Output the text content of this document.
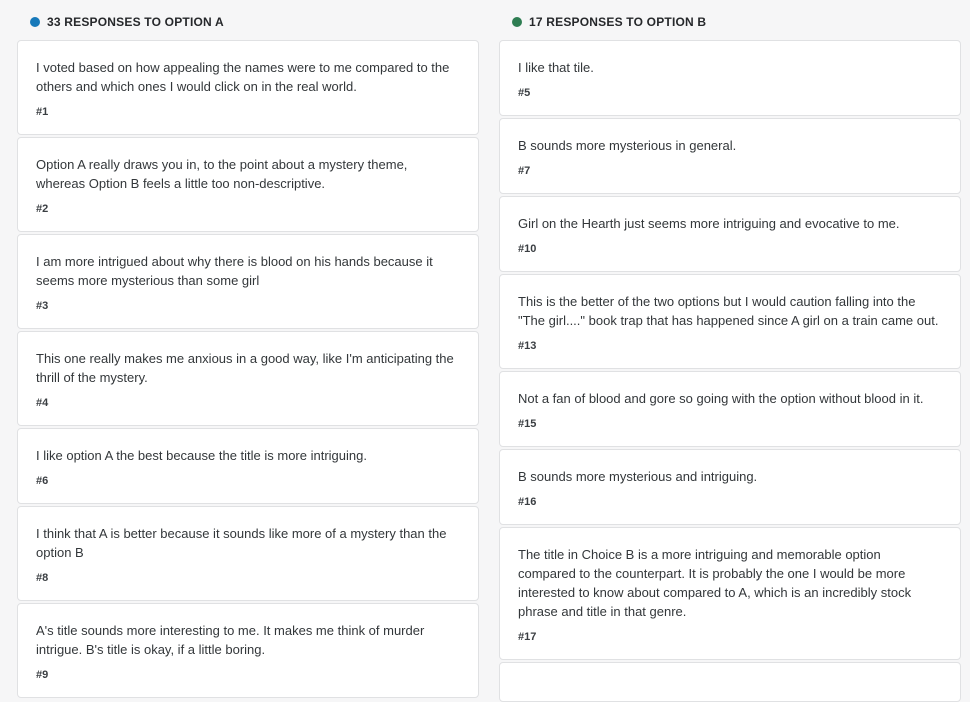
33 RESPONSES TO OPTION A
I voted based on how appealing the names were to me compared to the others and which ones I would click on in the real world.
#1
Option A really draws you in, to the point about a mystery theme, whereas Option B feels a little too non-descriptive.
#2
I am more intrigued about why there is blood on his hands because it seems more mysterious than some girl
#3
This one really makes me anxious in a good way, like I'm anticipating the thrill of the mystery.
#4
I like option A the best because the title is more intriguing.
#6
I think that A is better because it sounds like more of a mystery than the option B
#8
A's title sounds more interesting to me. It makes me think of murder intrigue. B's title is okay, if a little boring.
#9
17 RESPONSES TO OPTION B
I like that tile.
#5
B sounds more mysterious in general.
#7
Girl on the Hearth just seems more intriguing and evocative to me.
#10
This is the better of the two options but I would caution falling into the "The girl...." book trap that has happened since A girl on a train came out.
#13
Not a fan of blood and gore so going with the option without blood in it.
#15
B sounds more mysterious and intriguing.
#16
The title in Choice B is a more intriguing and memorable option compared to the counterpart. It is probably the one I would be more interested to know about compared to A, which is an incredibly stock phrase and title in that genre.
#17
